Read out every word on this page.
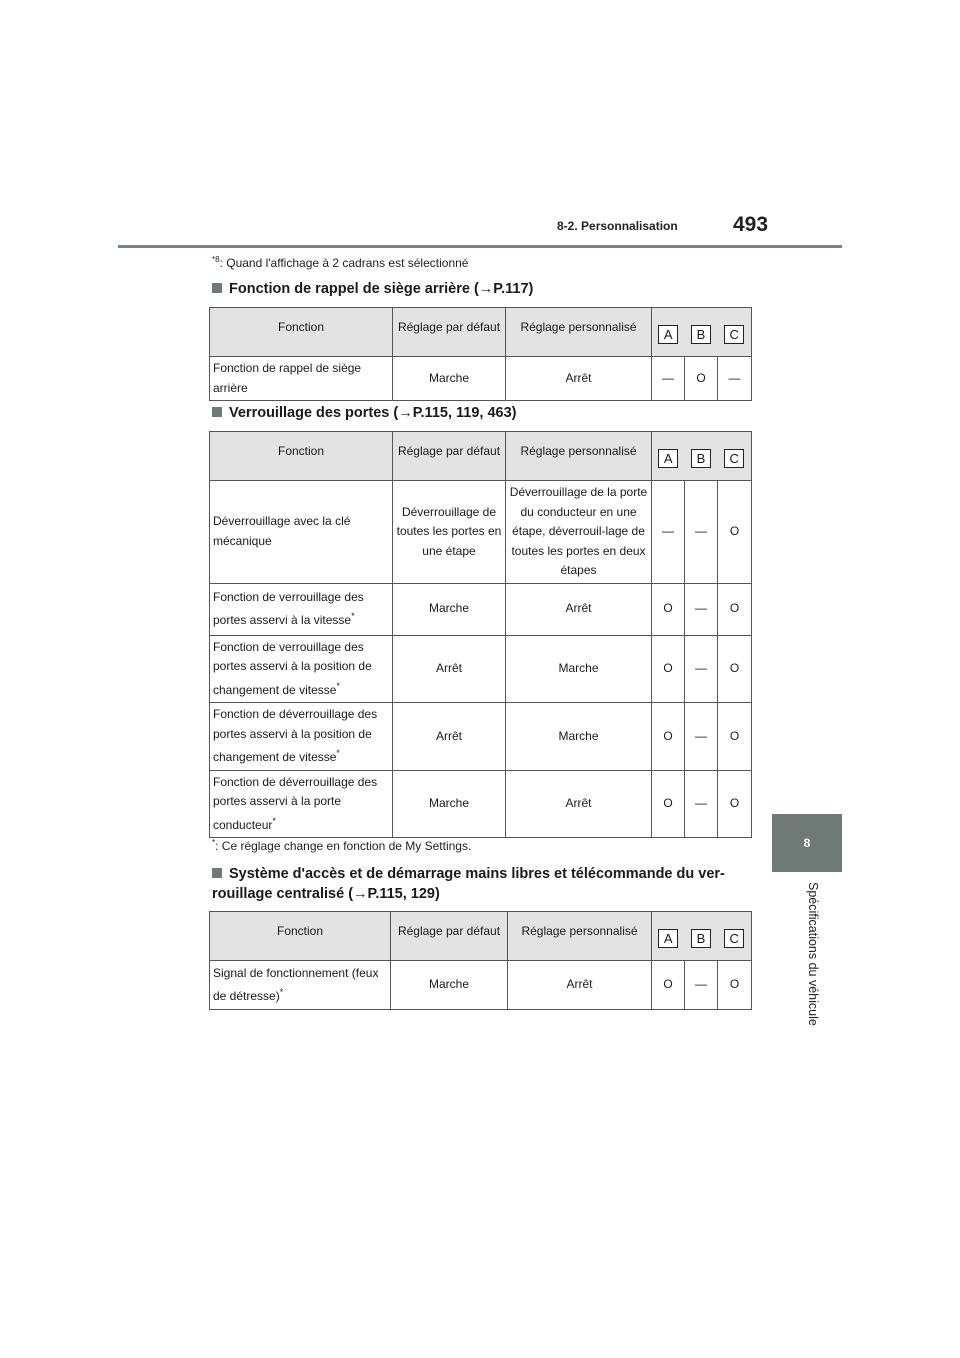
8-2. Personnalisation	493
8
Spécifications du véhicule
$^{*8}$: Quand l'affichage à 2 cadrans est sélectionné
Fonction de rappel de siège arrière (→P.117)
Fonction	Réglage par défaut	Réglage personnalisé	A	B	C
Fonction de rappel de siège arrière	Marche	Arrêt	—	O	—
Verrouillage des portes (→P.115, 119, 463)
Fonction	Réglage par défaut	Réglage personnalisé	A	B	C
Déverrouillage avec la clé mécanique	Déverrouillage de toutes les portes en une étape	Déverrouillage de la porte du conducteur en une étape, déverrouil-lage de toutes les portes en deux étapes	—	—	O
Fonction de verrouillage des portes asservi à la vitesse*	Marche	Arrêt	O	—	O
Fonction de verrouillage des portes asservi à la position de changement de vitesse*	Arrêt	Marche	O	—	O
Fonction de déverrouillage des portes asservi à la position de changement de vitesse*	Arrêt	Marche	O	—	O
Fonction de déverrouillage des portes asservi à la porte conducteur*	Marche	Arrêt	O	—	O
*: Ce réglage change en fonction de My Settings.
Système d'accès et de démarrage mains libres et télécommande du ver-rouillage centralisé (→P.115, 129)
Fonction	Réglage par défaut	Réglage personnalisé	A	B	C
Signal de fonctionnement (feux de détresse)*	Marche	Arrêt	O	—	O
